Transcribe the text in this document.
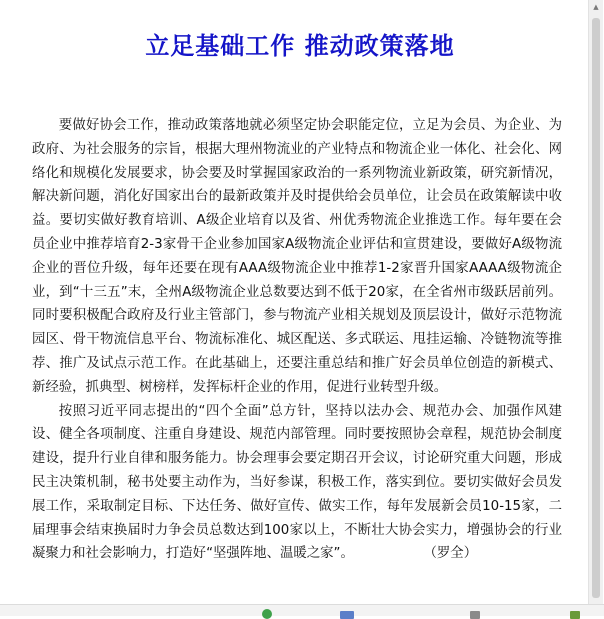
立足基础工作 推动政策落地

要做好协会工作，推动政策落地就必须坚定协会职能定位，立足为会员、为企业、为政府、为社会服务的宗旨，根据大理州物流业的产业特点和物流企业一体化、社会化、网络化和规模化发展要求，协会要及时掌握国家政治的一系列物流业新政策，研究新情况，解决新问题，消化好国家出台的最新政策并及时提供给会员单位，让会员在政策解读中收益。要切实做好教育培训、A级企业培育以及省、州优秀物流企业推选工作。每年要在会员企业中推荐培育2-3家骨干企业参加国家A级物流企业评估和宣贯建设，要做好A级物流企业的晋位升级，每年还要在现有AAA级物流企业中推荐1-2家晋升国家AAAA级物流企业，到“十三五”末，全州A级物流企业总数要达到不低于20家，在全省州市级跃居前列。同时要积极配合政府及行业主管部门，参与物流产业相关规划及顶层设计，做好示范物流园区、骨干物流信息平台、物流标准化、城区配送、多式联运、甩挂运输、冷链物流等推荐、推广及试点示范工作。在此基础上，还要注重总结和推广好会员单位创造的新模式、新经验，抓典型、树榜样，发挥标杆企业的作用，促进行业转型升级。

按照习近平同志提出的“四个全面”总方针，坚持以法办会、规范办会、加强作风建设、健全各项制度、注重自身建设、规范内部管理。同时要按照协会章程，规范协会制度建设，提升行业自律和服务能力。协会理事会要定期召开会议，讨论研究重大问题，形成民主决策机制，秘书处要主动作为，当好参谋，积极工作，落实到位。要切实做好会员发展工作，采取制定目标、下达任务、做好宣传、做实工作，每年发展新会员10-15家，二届理事会结束换届时力争会员总数达到100家以上，不断壮大协会实力，增强协会的行业凝聚力和社会影响力，打造好“坚强阵地、温暖之家”。	（罗全）

▲
